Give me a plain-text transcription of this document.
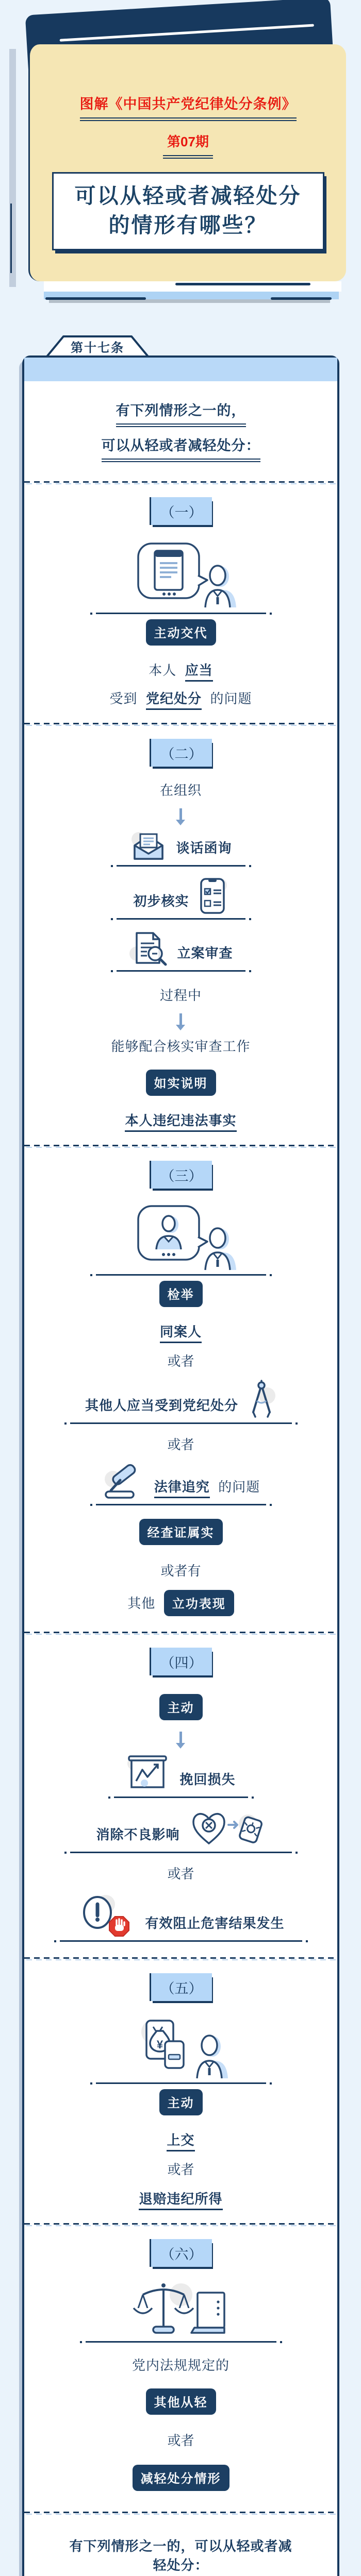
图解《中国共产党纪律处分条例》
第07期
可以从轻或者减轻处分
的情形有哪些？
第十七条
有下列情形之一的，
可以从轻或者减轻处分：
（一）
主动交代
本人 应当
受到 党纪处分 的问题
（二）
在组织
谈话函询
初步核实
立案审查
过程中
能够配合核实审查工作
如实说明
本人违纪违法事实
（三）
检举
同案人
或者
其他人应当受到党纪处分
或者
法律追究 的问题
经查证属实
或者有
其他 立功表现
（四）
主动
挽回损失
消除不良影响
或者
有效阻止危害结果发生
（五）
¥
主动
上交
或者
退赔违纪所得
（六）
党内法规规定的
其他从轻
或者
减轻处分情形
有下列情形之一的，可以从轻或者减轻处分：
